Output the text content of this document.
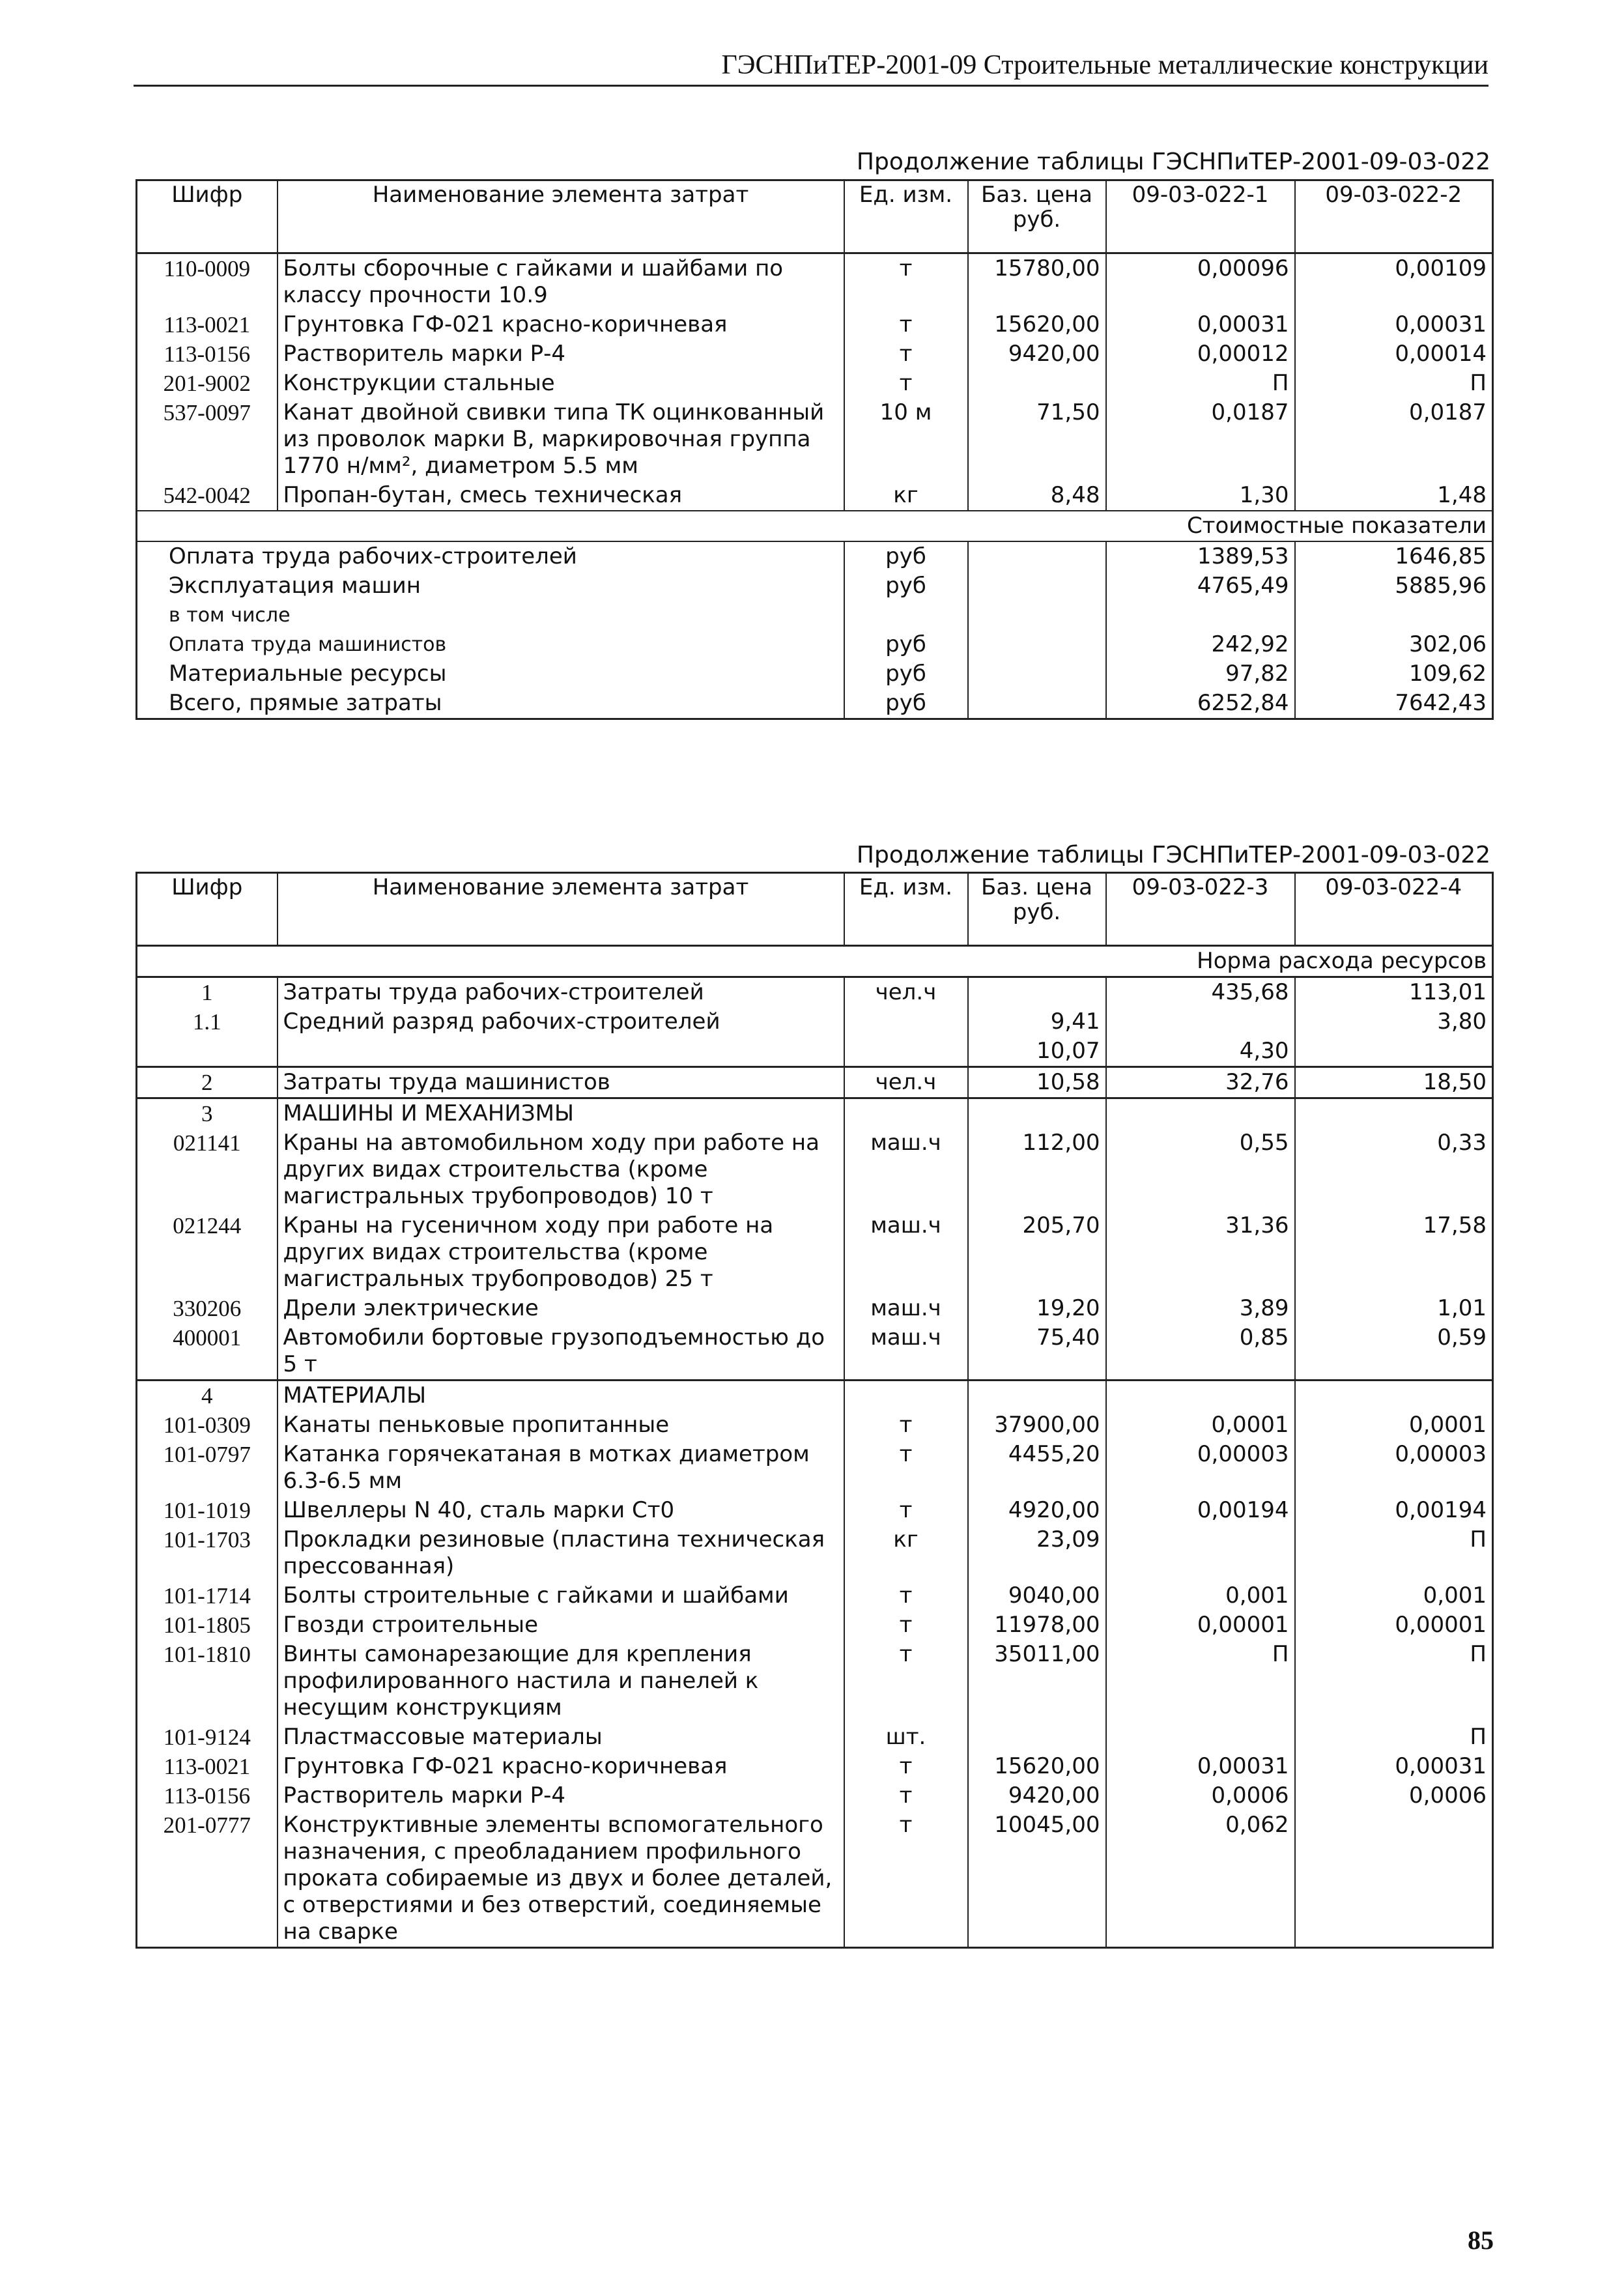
ГЭСНПиТЕР-2001-09 Строительные металлические конструкции
Продолжение таблицы ГЭСНПиТЕР-2001-09-03-022
Шифр	Наименование элемента затрат	Ед. изм.	Баз. цена руб.	09-03-022-1	09-03-022-2
110-0009	Болты сборочные с гайками и шайбами по классу прочности 10.9	т	15780,00	0,00096	0,00109
113-0021	Грунтовка ГФ-021 красно-коричневая	т	15620,00	0,00031	0,00031
113-0156	Растворитель марки Р-4	т	9420,00	0,00012	0,00014
201-9002	Конструкции стальные	т		П	П
537-0097	Канат двойной свивки типа ТК оцинкованный из проволок марки В, маркировочная группа 1770 н/мм², диаметром 5.5 мм	10 м	71,50	0,0187	0,0187
542-0042	Пропан-бутан, смесь техническая	кг	8,48	1,30	1,48
Стоимостные показатели					
Оплата труда рабочих-строителей		руб		1389,53	1646,85
Эксплуатация машин		руб		4765,49	5885,96
в том числе					
Оплата труда машинистов		руб		242,92	302,06
Материальные ресурсы		руб		97,82	109,62
Всего, прямые затраты		руб		6252,84	7642,43
Продолжение таблицы ГЭСНПиТЕР-2001-09-03-022
Шифр	Наименование элемента затрат	Ед. изм.	Баз. цена руб.	09-03-022-3	09-03-022-4
Норма расхода ресурсов					
1	Затраты труда рабочих-строителей	чел.ч		435,68	113,01
1.1	Средний разряд рабочих-строителей		9,41		3,80
			10,07	4,30	
2	Затраты труда машинистов	чел.ч	10,58	32,76	18,50
3	МАШИНЫ И МЕХАНИЗМЫ				
021141	Краны на автомобильном ходу при работе на других видах строительства (кроме магистральных трубопроводов) 10 т	маш.ч	112,00	0,55	0,33
021244	Краны на гусеничном ходу при работе на других видах строительства (кроме магистральных трубопроводов) 25 т	маш.ч	205,70	31,36	17,58
330206	Дрели электрические	маш.ч	19,20	3,89	1,01
400001	Автомобили бортовые грузоподъемностью до 5 т	маш.ч	75,40	0,85	0,59
4	МАТЕРИАЛЫ				
101-0309	Канаты пеньковые пропитанные	т	37900,00	0,0001	0,0001
101-0797	Катанка горячекатаная в мотках диаметром 6.3-6.5 мм	т	4455,20	0,00003	0,00003
101-1019	Швеллеры N 40, сталь марки Ст0	т	4920,00	0,00194	0,00194
101-1703	Прокладки резиновые (пластина техническая прессованная)	кг	23,09		П
101-1714	Болты строительные с гайками и шайбами	т	9040,00	0,001	0,001
101-1805	Гвозди строительные	т	11978,00	0,00001	0,00001
101-1810	Винты самонарезающие для крепления профилированного настила и панелей к несущим конструкциям	т	35011,00	П	П
101-9124	Пластмассовые материалы	шт.			П
113-0021	Грунтовка ГФ-021 красно-коричневая	т	15620,00	0,00031	0,00031
113-0156	Растворитель марки Р-4	т	9420,00	0,0006	0,0006
201-0777	Конструктивные элементы вспомогательного назначения, с преобладанием профильного проката собираемые из двух и более деталей, с отверстиями и без отверстий, соединяемые на сварке	т	10045,00	0,062	
85
